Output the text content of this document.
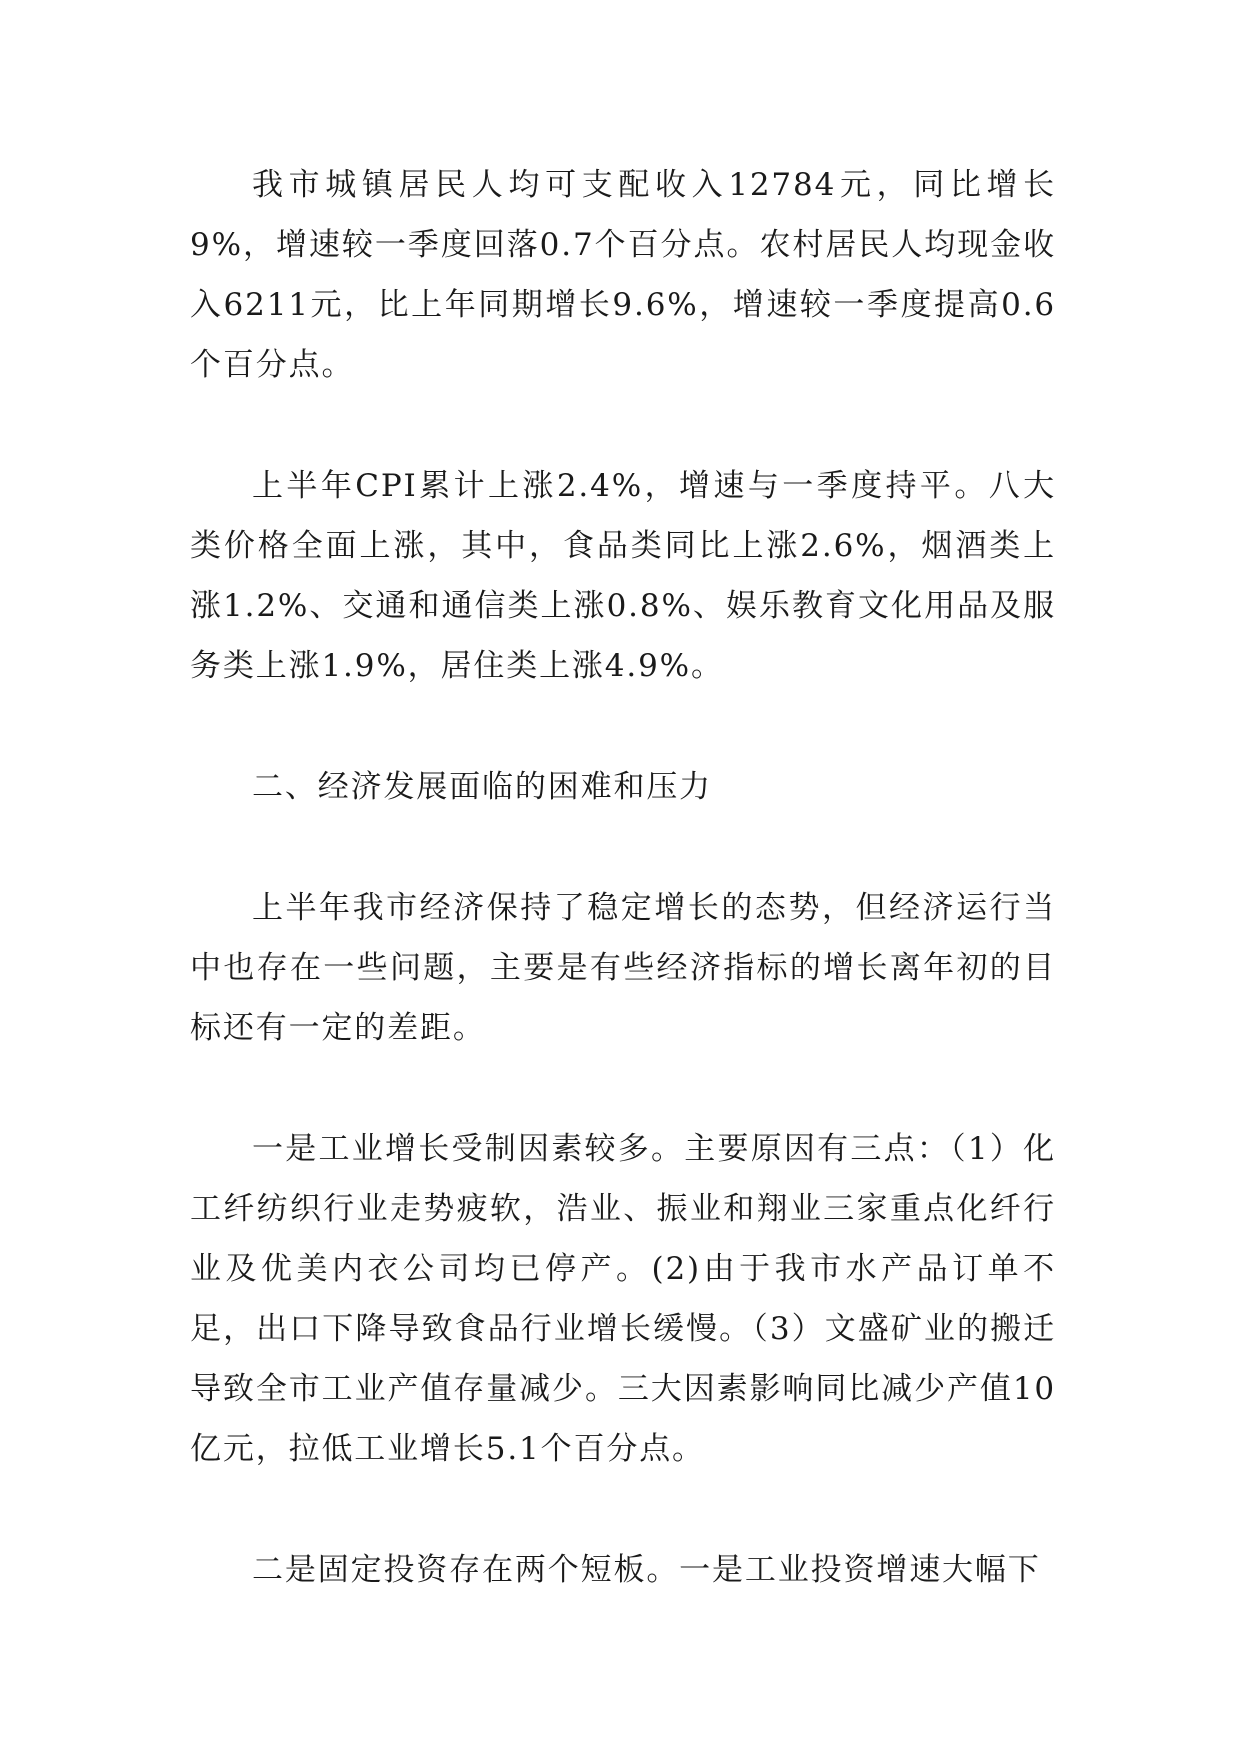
我市城镇居民人均可支配收入12784元，同比增长9%，增速较一季度回落0.7个百分点。农村居民人均现金收入6211元，比上年同期增长9.6%，增速较一季度提高0.6个百分点。

上半年CPI累计上涨2.4%，增速与一季度持平。八大类价格全面上涨，其中，食品类同比上涨2.6%，烟酒类上涨1.2%、交通和通信类上涨0.8%、娱乐教育文化用品及服务类上涨1.9%，居住类上涨4.9%。

二、经济发展面临的困难和压力

上半年我市经济保持了稳定增长的态势，但经济运行当中也存在一些问题，主要是有些经济指标的增长离年初的目标还有一定的差距。

一是工业增长受制因素较多。主要原因有三点：（1）化工纤纺织行业走势疲软，浩业、振业和翔业三家重点化纤行业及优美内衣公司均已停产。(2)由于我市水产品订单不足，出口下降导致食品行业增长缓慢。（3）文盛矿业的搬迁导致全市工业产值存量减少。三大因素影响同比减少产值10亿元，拉低工业增长5.1个百分点。

二是固定投资存在两个短板。一是工业投资增速大幅下
